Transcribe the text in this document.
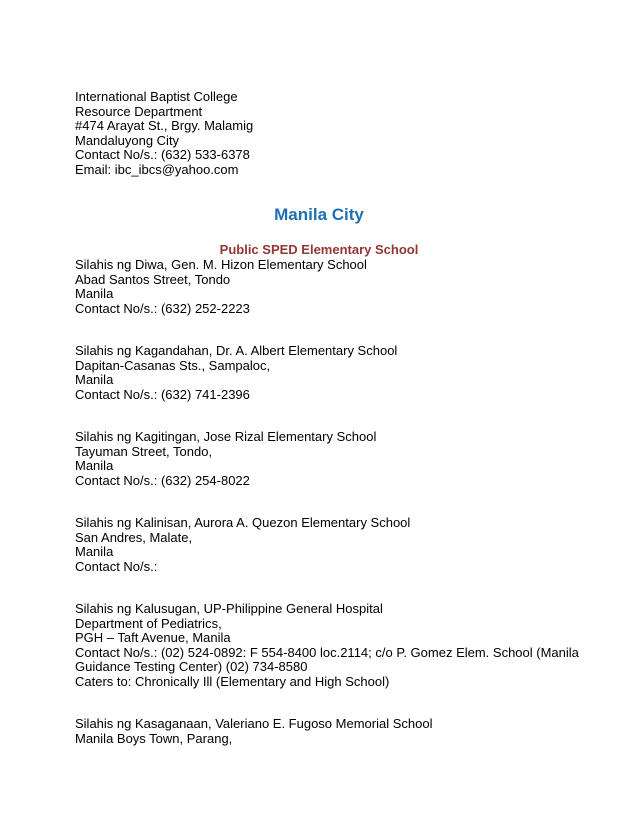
International Baptist College
Resource Department
#474 Arayat St., Brgy. Malamig
Mandaluyong City
Contact No/s.: (632) 533-6378
Email: ibc_ibcs@yahoo.com
Manila City
Public SPED Elementary School
Silahis ng Diwa, Gen. M. Hizon Elementary School
Abad Santos Street, Tondo
Manila
Contact No/s.: (632) 252-2223
Silahis ng Kagandahan, Dr. A. Albert Elementary School
Dapitan-Casanas Sts., Sampaloc,
Manila
Contact No/s.: (632) 741-2396
Silahis ng Kagitingan, Jose Rizal Elementary School
Tayuman Street, Tondo,
Manila
Contact No/s.: (632) 254-8022
Silahis ng Kalinisan, Aurora A. Quezon Elementary School
San Andres, Malate,
Manila
Contact No/s.:
Silahis ng Kalusugan, UP-Philippine General Hospital
Department of Pediatrics,
PGH – Taft Avenue, Manila
Contact No/s.: (02) 524-0892: F 554-8400 loc.2114; c/o P. Gomez Elem. School (Manila
Guidance Testing Center) (02) 734-8580
Caters to: Chronically Ill (Elementary and High School)
Silahis ng Kasaganaan, Valeriano E. Fugoso Memorial School
Manila Boys Town, Parang,
